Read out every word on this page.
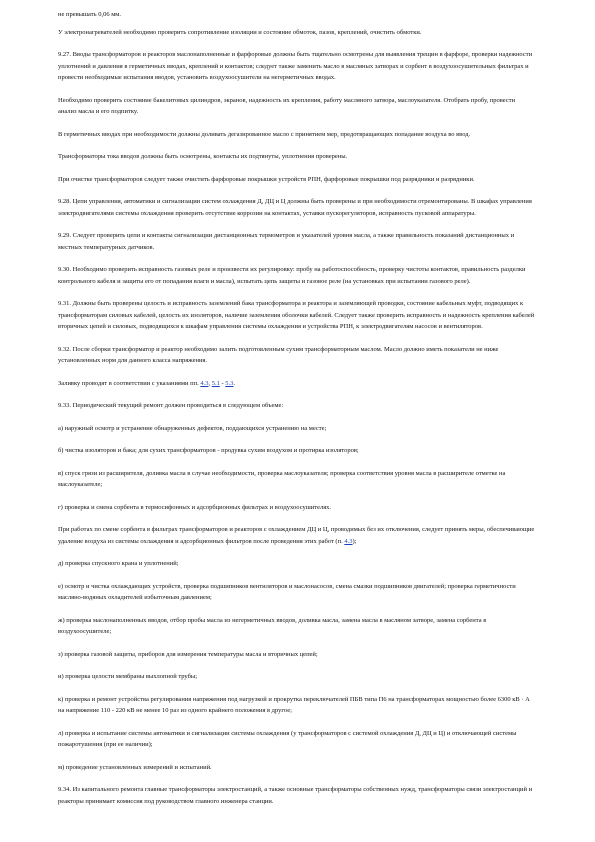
не превышать 0,06 мм.

У электронагревателей необходимо проверить сопротивление изоляции и состояние обмоток, пазов, креплений, очистить обмотки.

9.27. Вводы трансформаторов и реакторов маслонаполненные и фарфоровые должны быть тщательно осмотрены для выявления трещин в фарфоре, проверки надежности уплотнений и давления в герметичных вводах, креплений и контактов; следует также заменить масло в масляных затворах и сорбент в воздухоосушительных фильтрах и провести необходимые испытания вводов, установить воздухоосушители на негерметичных вводах.

Необходимо проверить состояние бакелитовых цилиндров, экранов, надежность их крепления, работу масляного затвора, маслоуказателя. Отобрать пробу, провести анализ масла и его подпитку.

В герметичных вводах при необходимости должны доливать дегазированное масло с принятием мер, предотвращающих попадание воздуха во ввод.

Трансформаторы тока вводов должны быть осмотрены, контакты их подтянуты, уплотнения проверены.

При очистке трансформаторов следует также очистить фарфоровые покрышки устройств РПН, фарфоровые покрышки под разрядники и разрядники.

9.28. Цепи управления, автоматики и сигнализации систем охлаждения Д, ДЦ и Ц должны быть проверены и при необходимости отремонтированы. В шкафах управления электродвигателями системы охлаждения проверить отсутствие коррозии на контактах, уставки пускорегуляторов, исправность пусковой аппаратуры.

9.29. Следует проверить цепи и контакты сигнализации дистанционных термометров и указателей уровня масла, а также правильность показаний дистанционных и местных температурных датчиков.

9.30. Необходимо проверить исправность газовых реле и произвести их регулировку: пробу на работоспособность, проверку чистоты контактов, правильность разделки контрольного кабеля и защиты его от попадания влаги и масла), испытать цепь защиты и газовое реле (на установках при испытании газового реле).

9.31. Должны быть проверены целость и исправность заземлений бака трансформатора и реактора и заземляющей проводки, состояние кабельных муфт, подводящих к трансформаторам силовых кабелей, целость их изоляторов, наличие заземления оболочки кабелей. Следует также проверить исправность и надежность крепления кабелей вторичных цепей и силовых, подводящихся к шкафам управления системы охлаждения и устройства РПН, к электродвигателям насосов и вентиляторов.

9.32. После сборки трансформатор и реактор необходимо залить подготовленным сухим трансформаторным маслом. Масло должно иметь показатели не ниже установленных норм для данного класса напряжения.

Заливку проводят в соответствии с указаниями пп. 4.3, 5.1 - 5.3.

9.33. Периодический текущий ремонт должен проводиться в следующем объеме:

а) наружный осмотр и устранение обнаруженных дефектов, поддающихся устранению на месте;

б) чистка изоляторов и бака; для сухих трансформаторов - продувка сухим воздухом и протирка изоляторов;

в) спуск грязи из расширителя, доливка масла в случае необходимости, проверка маслоуказателя; проверка соответствия уровня масла в расширителе отметке на маслоуказателе;

г) проверка и смена сорбента в термосифонных и адсорбционных фильтрах и воздухоосушителях.

При работах по смене сорбента в фильтрах трансформаторов и реакторов с охлаждением ДЦ и Ц, проводимых без их отключения, следует принять меры, обеспечивающие удаление воздуха из системы охлаждения и адсорбционных фильтров после проведения этих работ (п. 4.3);

д) проверка спускного крана и уплотнений;

е) осмотр и чистка охлаждающих устройств, проверка подшипников вентиляторов и маслонасосов, смена смазки подшипников двигателей; проверка герметичности масляно-водяных охладителей избыточным давлением;

ж) проверка маслонаполненных вводов, отбор пробы масла из негерметичных вводов, доливка масла, замена масла в масляном затворе, замена сорбента в воздухоосушителе;

з) проверка газовой защиты, приборов для измерения температуры масла и вторичных цепей;

и) проверка целости мембраны выхлопной трубы;

к) проверка и ремонт устройства регулирования напряжения под нагрузкой и прокрутка переключателей ПБВ типа П6 на трансформаторах мощностью более 6300 кВ · А на напряжение 110 - 220 кВ не менее 10 раз из одного крайнего положения в другое;

л) проверка и испытание системы автоматики и сигнализации системы охлаждения (у трансформаторов с системой охлаждения Д, ДЦ и Ц) и отключающей системы пожаротушения (при ее наличии);

м) проведение установленных измерений и испытаний.

9.34. Из капитального ремонта главные трансформаторы электростанций, а также основные трансформаторы собственных нужд, трансформаторы связи электростанций и реакторы принимает комиссия под руководством главного инженера станции.
